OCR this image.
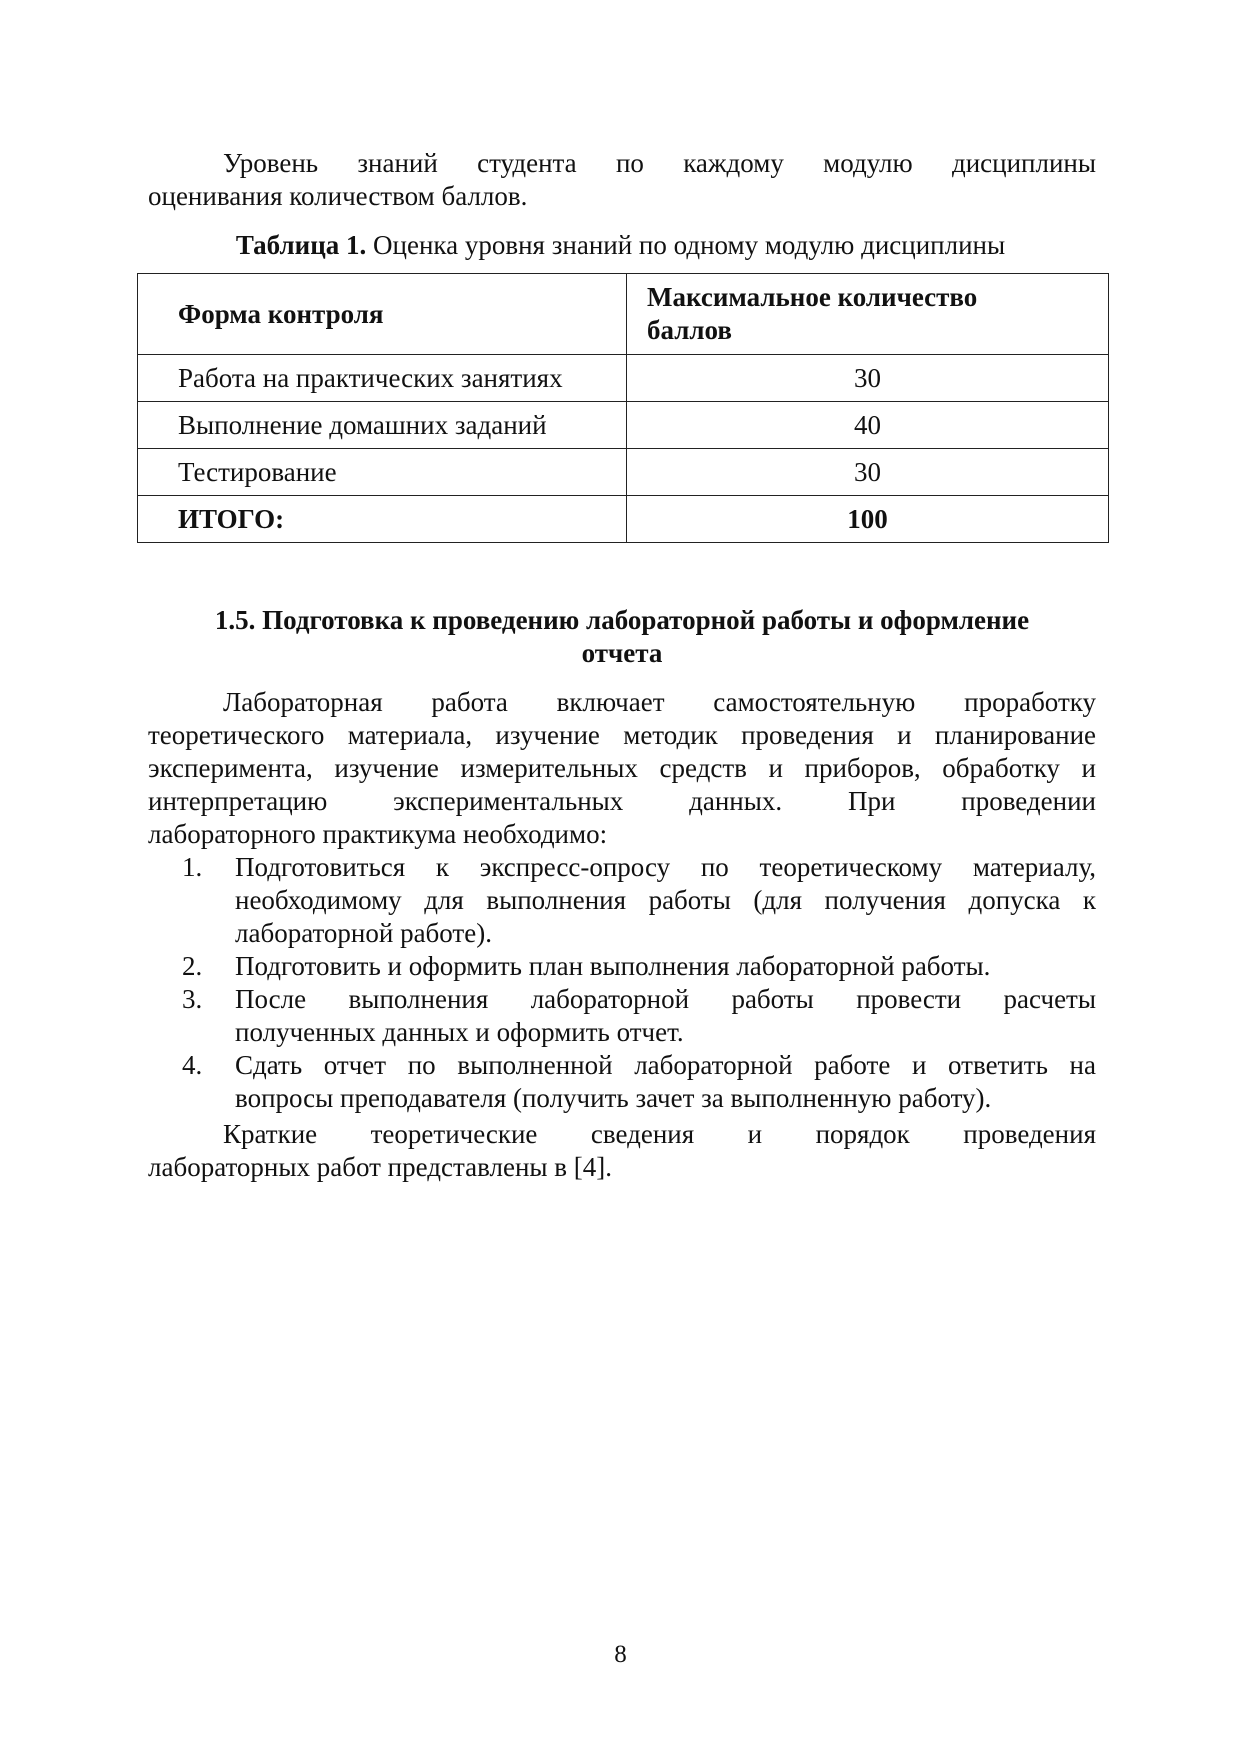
Уровень знаний студента по каждому модулю дисциплины
оценивания количеством баллов.
Таблица 1. Оценка уровня знаний по одному модулю дисциплины
Форма контроля	Максимальное количество
баллов

Работа на практических занятиях	30
Выполнение домашних заданий	40
Тестирование	30
ИТОГО:	100
1.5. Подготовка к проведению лабораторной работы и оформление
отчета
Лабораторная работа включает самостоятельную проработку
теоретического материала, изучение методик проведения и планирование
эксперимента, изучение измерительных средств и приборов, обработку и
интерпретацию экспериментальных данных. При проведении
лабораторного практикума необходимо:
1. Подготовиться к экспресс-опросу по теоретическому материалу,
необходимому для выполнения работы (для получения допуска к
лабораторной работе).
2. Подготовить и оформить план выполнения лабораторной работы.
3. После выполнения лабораторной работы провести расчеты
полученных данных и оформить отчет.
4. Сдать отчет по выполненной лабораторной работе и ответить на
вопросы преподавателя (получить зачет за выполненную работу).
Краткие теоретические сведения и порядок проведения
лабораторных работ представлены в [4].
8
